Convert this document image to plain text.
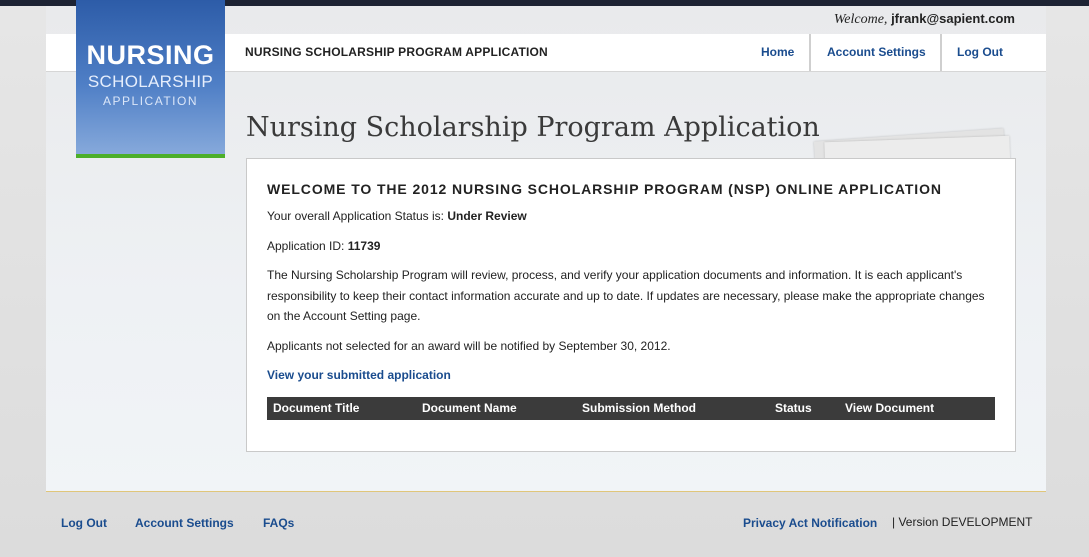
Welcome, jfrank@sapient.com
NURSING SCHOLARSHIP PROGRAM APPLICATION	Home	Account Settings	Log Out
NURSING
SCHOLARSHIP
APPLICATION
Nursing Scholarship Program Application
WELCOME TO THE 2012 NURSING SCHOLARSHIP PROGRAM (NSP) ONLINE APPLICATION
Your overall Application Status is: Under Review
Application ID: 11739
The Nursing Scholarship Program will review, process, and verify your application documents and information. It is each applicant's responsibility to keep their contact information accurate and up to date. If updates are necessary, please make the appropriate changes on the Account Setting page.
Applicants not selected for an award will be notified by September 30, 2012.
View your submitted application
Document Title	Document Name	Submission Method	Status	View Document
Log Out Account Settings FAQs	Privacy Act Notification | Version DEVELOPMENT
